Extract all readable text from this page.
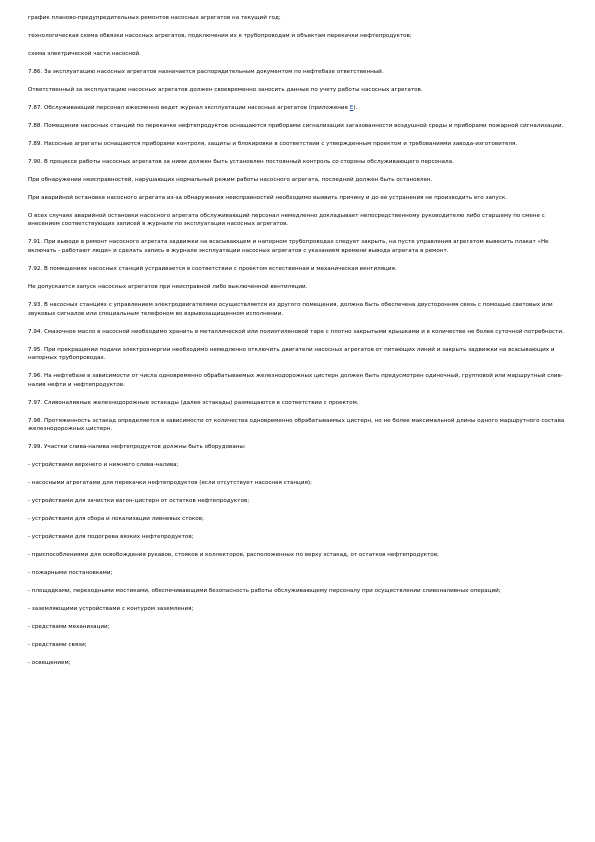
график планово-предупредительных ремонтов насосных агрегатов на текущий год;

технологическая схема обвязки насосных агрегатов, подключения их к трубопроводам и объектам перекачки нефтепродуктов;

схема электрической части насосной.

7.86. За эксплуатацию насосных агрегатов назначается распорядительным документом по нефтебазе ответственный.

Ответственный за эксплуатацию насосных агрегатов должен своевременно заносить данные по учету работы насосных агрегатов.

7.87. Обслуживающий персонал ежесменно ведет журнал эксплуатации насосных агрегатов (приложение Е).

7.88. Помещения насосных станций по перекачке нефтепродуктов оснащаются приборами сигнализации загазованности воздушной среды и приборами пожарной сигнализации.

7.89. Насосные агрегаты оснащаются приборами контроля, защиты и блокировки в соответствии с утвержденным проектом и требованиями завода-изготовителя.

7.90. В процессе работы насосных агрегатов за ними должен быть установлен постоянный контроль со стороны обслуживающего персонала.

При обнаружении неисправностей, нарушающих нормальный режим работы насосного агрегата, последний должен быть остановлен.

При аварийной остановке насосного агрегата из-за обнаружения неисправностей необходимо выявить причину и до ее устранения не производить его запуск.

О всех случаях аварийной остановки насосного агрегата обслуживающий персонал немедленно докладывает непосредственному руководителю либо старшему по смене с внесением соответствующих записей в журнале по эксплуатации насосных агрегатов.

7.91. При выводе в ремонт насосного агрегата задвижки на всасывающем и напорном трубопроводах следует закрыть, на пусте управления агрегатом вывесить плакат «Не включать - работают люди» и сделать запись в журнале эксплуатации насосных агрегатов с указанием времени вывода агрегата в ремонт.

7.92. В помещениях насосных станций устраивается в соответствии с проектом естественная и механическая вентиляция.

Не допускается запуск насосных агрегатов при неисправной либо выключенной вентиляции.

7.93. В насосных станциях с управлением электродвигателями осуществляется из другого помещения, должна быть обеспечена двусторонняя связь с помощью световых или звуковых сигналов или специальным телефоном во взрывозащищенном исполнении.

7.94. Смазочное масло в насосной необходимо хранить в металлической или полиэтиленовой таре с плотно закрытыми крышками и в количестве не более суточной потребности.

7.95. При прекращении подачи электроэнергии необходимо немедленно отключить двигатели насосных агрегатов от питающих линий и закрыть задвижки на всасывающих и напорных трубопроводах.

7.96. На нефтебазе в зависимости от числа одновременно обрабатываемых железнодорожных цистерн должен быть предусмотрен одиночный, групповой или маршрутный слив-налив нефти и нефтепродуктов.

7.97. Сливоналивные железнодорожные эстакады (далее эстакады) размещаются в соответствии с проектом.

7.98. Протяженность эстакад определяется в зависимости от количества одновременно обрабатываемых цистерн, но не более максимальной длины одного маршрутного состава железнодорожных цистерн.

7.99. Участки слива-налива нефтепродуктов должны быть оборудованы:

- устройствами верхнего и нижнего слива-налива;

- насосными агрегатами для перекачки нефтепродуктов (если отсутствует насосная станция);

- устройствами для зачистки вагон-цистерн от остатков нефтепродуктов;

- устройствами для сбора и локализации ливневых стоков;

- устройствами для подогрева вязких нефтепродуктов;

- приспособлениями для освобождения рукавов, стояков и коллекторов, расположенных по верху эстакад, от остатков нефтепродуктов;

- пожарными постановками;

- площадками, переходными мостиками, обеспечивающими безопасность работы обслуживающему персоналу при осуществлении сливоналивных операций;

- заземляющими устройствами с контуром заземления;

- средствами механизации;

- средствами связи;

- освещением;
